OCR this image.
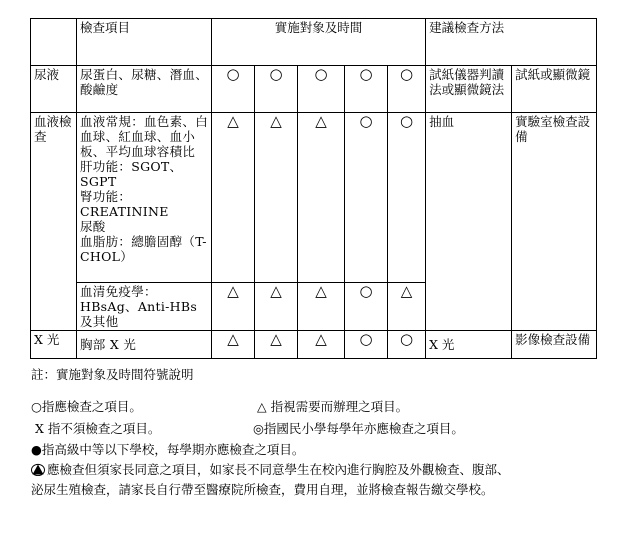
	檢查項目	實施對象及時間					建議檢查方法	
尿液	尿蛋白、尿糖、潛血、酸鹼度	○	○	○	○	○	試紙儀器判讀法或顯微鏡法	試紙或顯微鏡
血液檢查	血液常規：血色素、白血球、紅血球、血小板、平均血球容積比
肝功能：SGOT、SGPT
腎功能：CREATININE
尿酸
血脂肪：總膽固醇（T-CHOL）	△	△	△	○	○	抽血	實驗室檢查設備
	血清免疫學：HBsAg、Anti-HBs及其他	△	△	△	○	△		
X 光	胸部 X 光	△	△	△	○	○	X 光	影像檢查設備
註：實施對象及時間符號說明
○指應檢查之項目。	△ 指視需要而辦理之項目。
X 指不須檢查之項目。	◎指國民小學每學年亦應檢查之項目。
●指高級中等以下學校，每學期亦應檢查之項目。
應檢查但須家長同意之項目，如家長不同意學生在校內進行胸腔及外觀檢查、腹部、
泌尿生殖檢查，請家長自行帶至醫療院所檢查，費用自理，並將檢查報告繳交學校。
